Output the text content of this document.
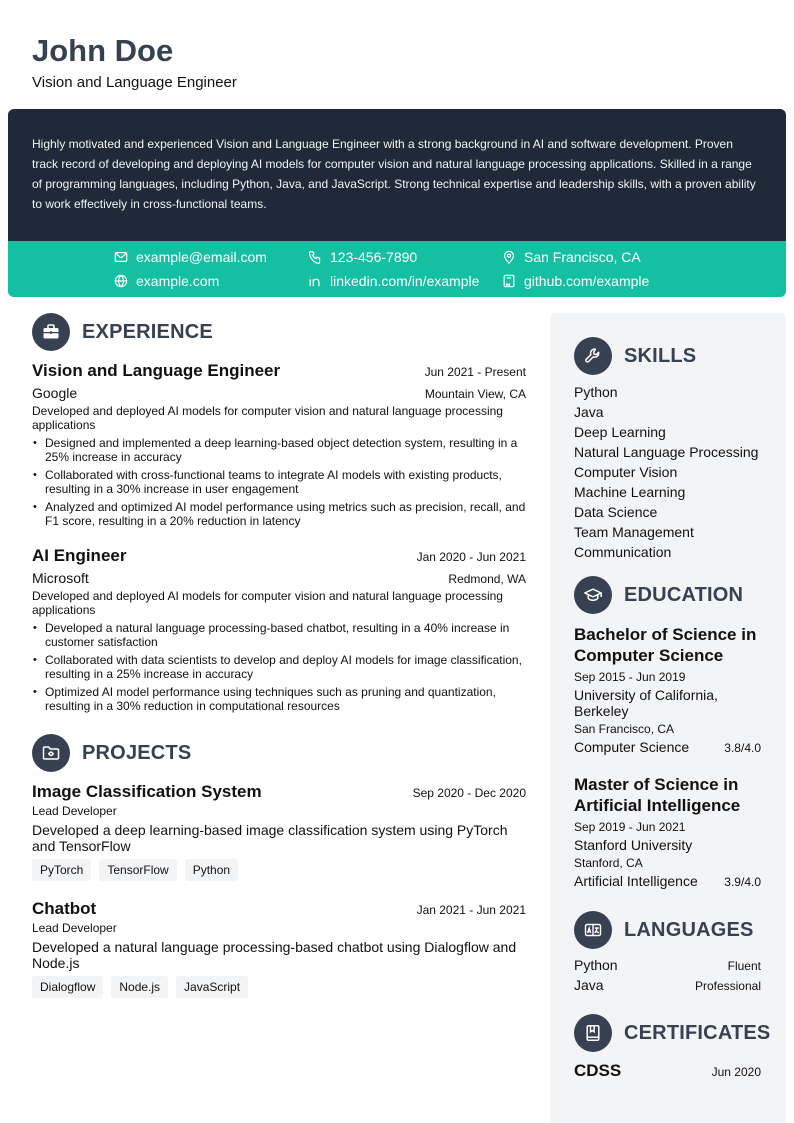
John Doe
Vision and Language Engineer

Highly motivated and experienced Vision and Language Engineer with a strong background in AI and software development. Proven track record of developing and deploying AI models for computer vision and natural language processing applications. Skilled in a range of programming languages, including Python, Java, and JavaScript. Strong technical expertise and leadership skills, with a proven ability to work effectively in cross-functional teams.

example@email.com	123-456-7890	San Francisco, CA
example.com	linkedin.com/in/example	github.com/example
EXPERIENCE
Vision and Language Engineer	Jun 2021 - Present
Google	Mountain View, CA
Developed and deployed AI models for computer vision and natural language processing applications
• Designed and implemented a deep learning-based object detection system, resulting in a 25% increase in accuracy
• Collaborated with cross-functional teams to integrate AI models with existing products, resulting in a 30% increase in user engagement
• Analyzed and optimized AI model performance using metrics such as precision, recall, and F1 score, resulting in a 20% reduction in latency
AI Engineer	Jan 2020 - Jun 2021
Microsoft	Redmond, WA
Developed and deployed AI models for computer vision and natural language processing applications
• Developed a natural language processing-based chatbot, resulting in a 40% increase in customer satisfaction
• Collaborated with data scientists to develop and deploy AI models for image classification, resulting in a 25% increase in accuracy
• Optimized AI model performance using techniques such as pruning and quantization, resulting in a 30% reduction in computational resources
PROJECTS
Image Classification System	Sep 2020 - Dec 2020
Lead Developer
Developed a deep learning-based image classification system using PyTorch and TensorFlow
PyTorch	TensorFlow	Python
Chatbot	Jan 2021 - Jun 2021
Lead Developer
Developed a natural language processing-based chatbot using Dialogflow and Node.js
Dialogflow	Node.js	JavaScript
SKILLS
Python
Java
Deep Learning
Natural Language Processing
Computer Vision
Machine Learning
Data Science
Team Management
Communication
EDUCATION
Bachelor of Science in Computer Science
Sep 2015 - Jun 2019
University of California, Berkeley
San Francisco, CA
Computer Science	3.8/4.0
Master of Science in Artificial Intelligence
Sep 2019 - Jun 2021
Stanford University
Stanford, CA
Artificial Intelligence 3.9/4.0
LANGUAGES
Python	Fluent
Java	Professional
CERTIFICATES
CDSS	Jun 2020
